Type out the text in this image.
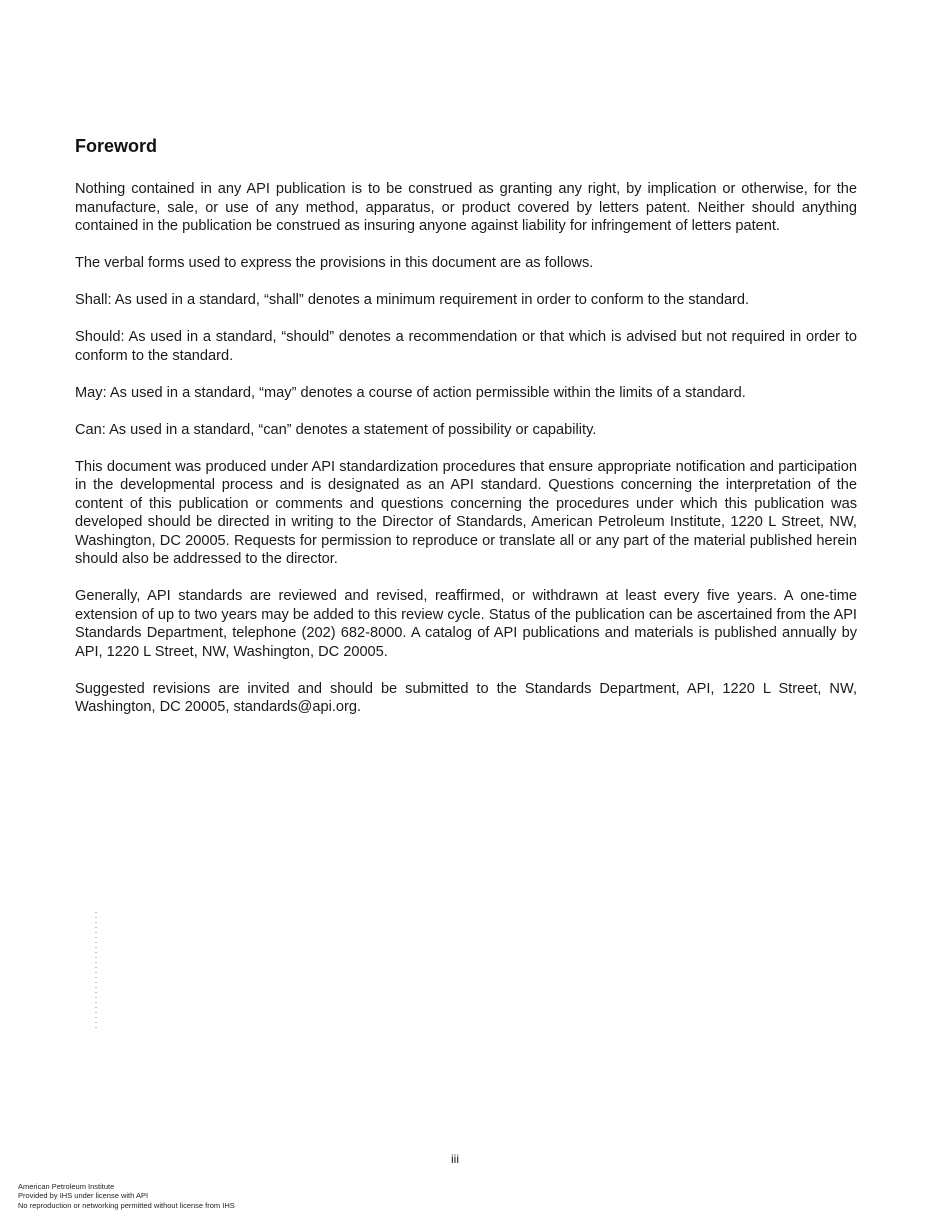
Foreword

Nothing contained in any API publication is to be construed as granting any right, by implication or otherwise, for the manufacture, sale, or use of any method, apparatus, or product covered by letters patent. Neither should anything contained in the publication be construed as insuring anyone against liability for infringement of letters patent.

The verbal forms used to express the provisions in this document are as follows.

Shall: As used in a standard, “shall” denotes a minimum requirement in order to conform to the standard.

Should: As used in a standard, “should” denotes a recommendation or that which is advised but not required in order to conform to the standard.

May: As used in a standard, “may” denotes a course of action permissible within the limits of a standard.

Can: As used in a standard, “can” denotes a statement of possibility or capability.

This document was produced under API standardization procedures that ensure appropriate notification and participation in the developmental process and is designated as an API standard. Questions concerning the interpretation of the content of this publication or comments and questions concerning the procedures under which this publication was developed should be directed in writing to the Director of Standards, American Petroleum Institute, 1220 L Street, NW, Washington, DC 20005. Requests for permission to reproduce or translate all or any part of the material published herein should also be addressed to the director.

Generally, API standards are reviewed and revised, reaffirmed, or withdrawn at least every five years. A one-time extension of up to two years may be added to this review cycle. Status of the publication can be ascertained from the API Standards Department, telephone (202) 682-8000. A catalog of API publications and materials is published annually by API, 1220 L Street, NW, Washington, DC 20005.

Suggested revisions are invited and should be submitted to the Standards Department, API, 1220 L Street, NW, Washington, DC 20005, standards@api.org.

iii
American Petroleum Institute
Provided by IHS under license with API
No reproduction or networking permitted without license from IHS
